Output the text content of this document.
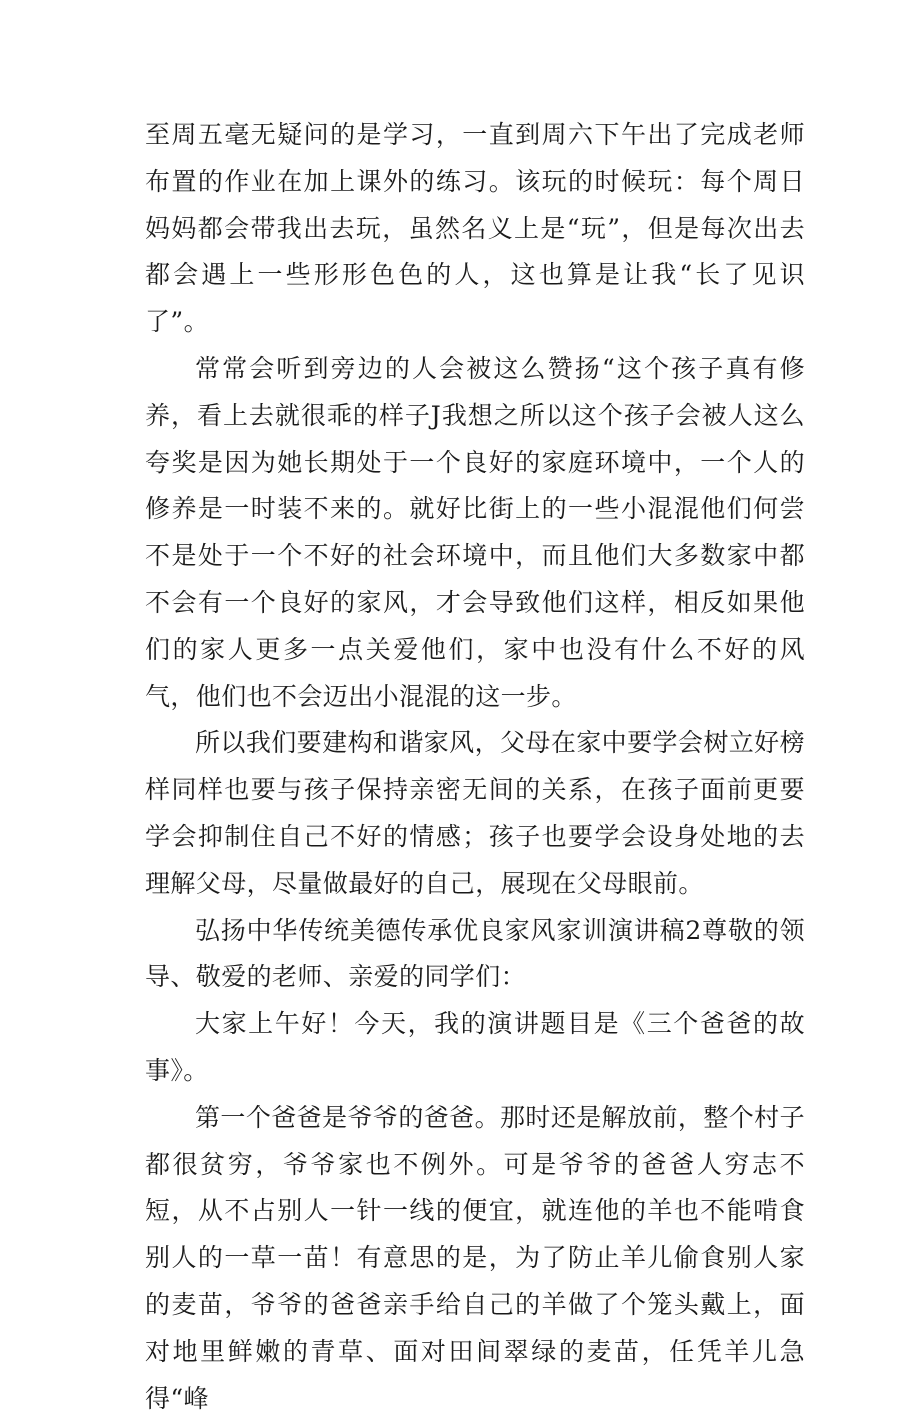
至周五毫无疑问的是学习，一直到周六下午出了完成老师布置的作业在加上课外的练习。该玩的时候玩：每个周日妈妈都会带我出去玩，虽然名义上是“玩”，但是每次出去都会遇上一些形形色色的人，这也算是让我“长了见识了”。

常常会听到旁边的人会被这么赞扬“这个孩子真有修养，看上去就很乖的样子J我想之所以这个孩子会被人这么夸奖是因为她长期处于一个良好的家庭环境中，一个人的修养是一时装不来的。就好比街上的一些小混混他们何尝不是处于一个不好的社会环境中，而且他们大多数家中都不会有一个良好的家风，才会导致他们这样，相反如果他们的家人更多一点关爱他们，家中也没有什么不好的风气，他们也不会迈出小混混的这一步。

所以我们要建构和谐家风，父母在家中要学会树立好榜样同样也要与孩子保持亲密无间的关系，在孩子面前更要学会抑制住自己不好的情感；孩子也要学会设身处地的去理解父母，尽量做最好的自己，展现在父母眼前。

弘扬中华传统美德传承优良家风家训演讲稿2尊敬的领导、敬爱的老师、亲爱的同学们：

大家上午好！今天，我的演讲题目是《三个爸爸的故事》。

第一个爸爸是爷爷的爸爸。那时还是解放前，整个村子都很贫穷，爷爷家也不例外。可是爷爷的爸爸人穷志不短，从不占别人一针一线的便宜，就连他的羊也不能啃食别人的一草一苗！有意思的是，为了防止羊儿偷食别人家的麦苗，爷爷的爸爸亲手给自己的羊做了个笼头戴上，面对地里鲜嫩的青草、面对田间翠绿的麦苗，任凭羊儿急得“峰
